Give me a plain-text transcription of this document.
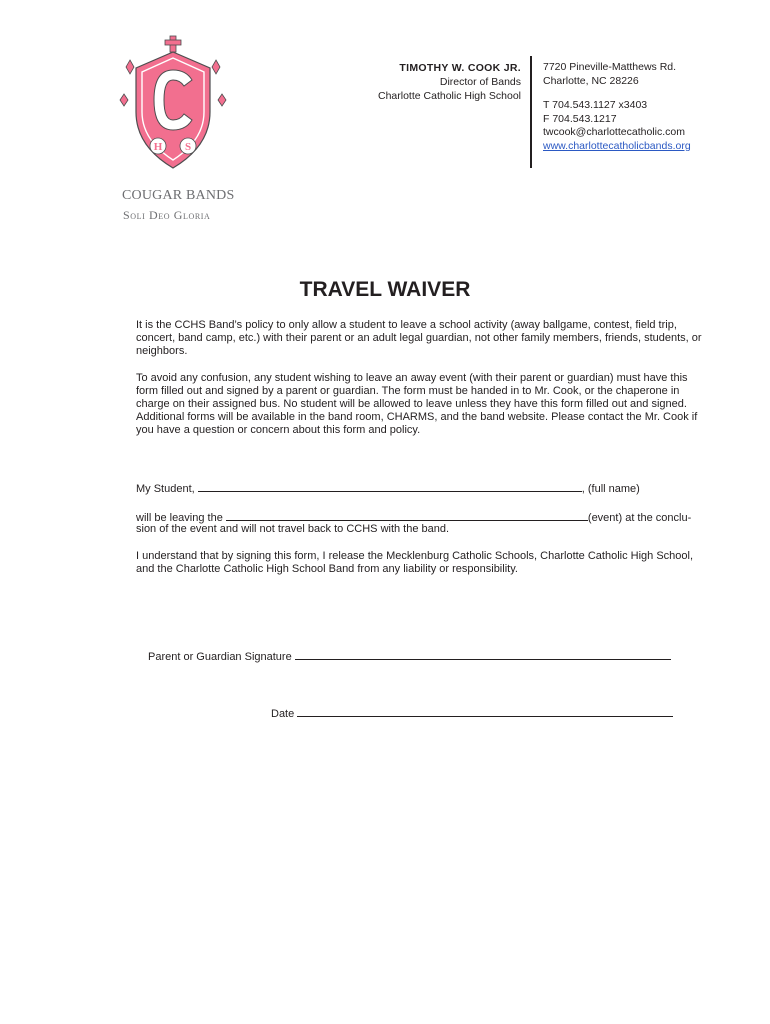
H S
COUGAR BANDS
Soli Deo Gloria
TIMOTHY W. COOK JR.
Director of Bands
Charlotte Catholic High School
7720 Pineville-Matthews Rd.
Charlotte, NC 28226
T 704.543.1127 x3403
F 704.543.1217
twcook@charlottecatholic.com
www.charlottecatholicbands.org
TRAVEL WAIVER
It is the CCHS Band’s policy to only allow a student to leave a school activity (away ballgame, contest, field trip, concert, band camp, etc.) with their parent or an adult legal guardian, not other family members, friends, students, or neighbors.
To avoid any confusion, any student wishing to leave an away event (with their parent or guardian) must have this form filled out and signed by a parent or guardian. The form must be handed in to Mr. Cook, or the chaperone in charge on their assigned bus. No student will be allowed to leave unless they have this form filled out and signed. Additional forms will be available in the band room, CHARMS, and the band website. Please contact the Mr. Cook if you have a question or concern about this form and policy.
My Student,	, (full name)
will be leaving the	(event) at the conclu-
sion of the event and will not travel back to CCHS with the band.
I understand that by signing this form, I release the Mecklenburg Catholic Schools, Charlotte Catholic High School, and the Charlotte Catholic High School Band from any liability or responsibility.
Parent or Guardian Signature
Date
